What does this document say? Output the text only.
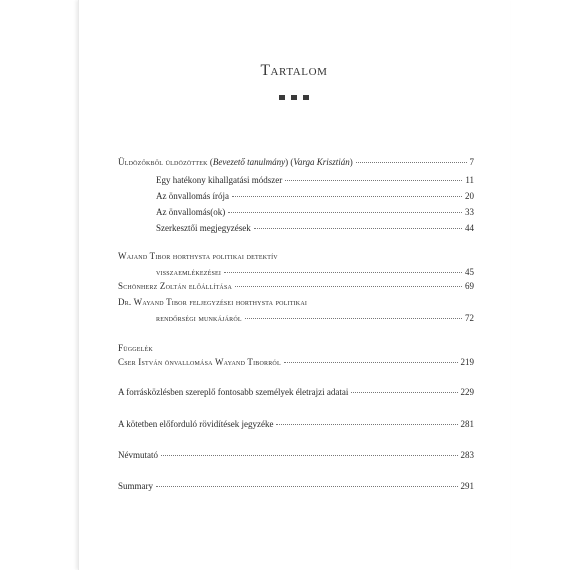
Tartalom
Üldözőkből üldözöttek (Bevezető tanulmány) (Varga Krisztián)	7
Egy hatékony kihallgatási módszer	11
Az önvallomás írója	20
Az önvallomás(ok)	33
Szerkesztői megjegyzések	44
Wajand Tibor horthysta politikai detektív
visszaemlékezései	45
Schönherz Zoltán előállítása	69
Dr. Wayand Tibor feljegyzései horthysta politikai
rendőrségi munkájáról	72
Függelék
Cser István önvallomása Wayand Tiborról	219
A forrásközlésben szereplő fontosabb személyek életrajzi adatai	229
A kötetben előforduló rövidítések jegyzéke	281
Névmutató	283
Summary	291
